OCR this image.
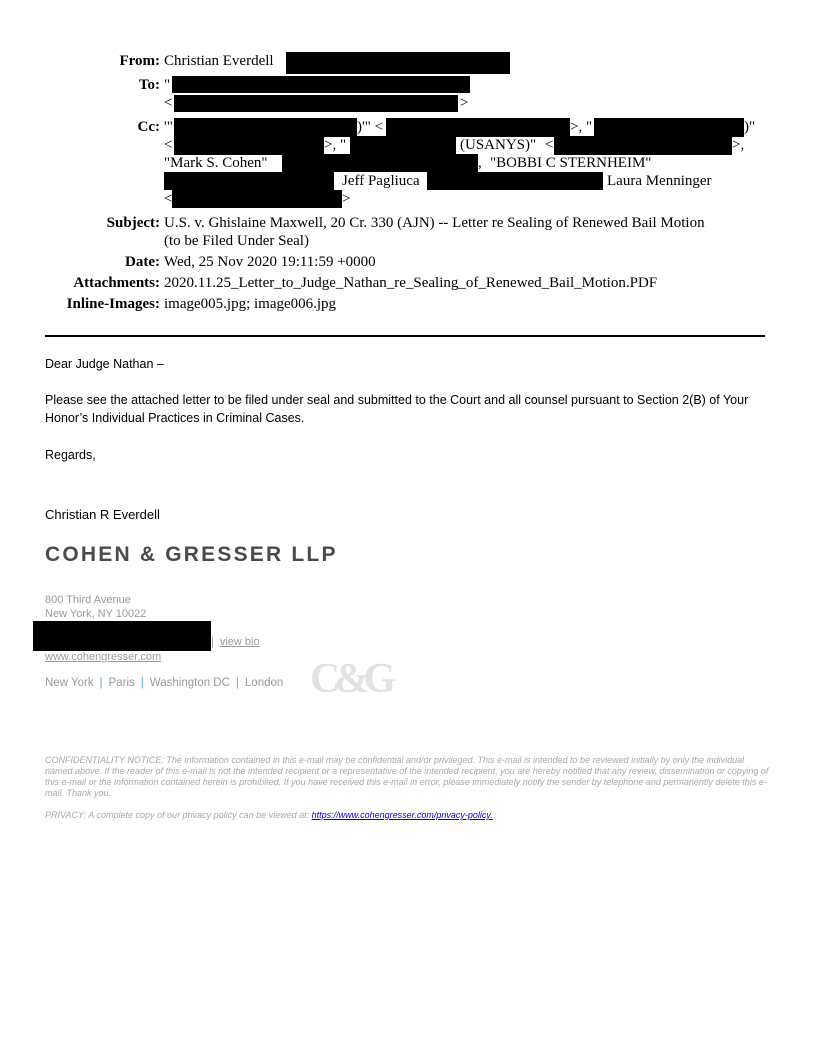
From: Christian Everdell
To: "
<	>
Cc: '"	)'" <	>, "	)"
<	>, "	(USANYS)" <	>,
"Mark S. Cohen"	, "BOBBI C STERNHEIM"
Jeff Pagliuca	Laura Menninger
<	>
Subject: U.S. v. Ghislaine Maxwell, 20 Cr. 330 (AJN) -- Letter re Sealing of Renewed Bail Motion
(to be Filed Under Seal)
Date: Wed, 25 Nov 2020 19:11:59 +0000
Attachments: 2020.11.25_Letter_to_Judge_Nathan_re_Sealing_of_Renewed_Bail_Motion.PDF
Inline-Images: image005.jpg; image006.jpg
Dear Judge Nathan –
Please see the attached letter to be filed under seal and submitted to the Court and all counsel pursuant to Section 2(B) of Your Honor’s Individual Practices in Criminal Cases.
Regards,
Christian R Everdell
COHEN & GRESSER LLP
800 Third Avenue
New York, NY 10022
| view bio
www.cohengresser.com
New York | Paris | Washington DC | London C&G
CONFIDENTIALITY NOTICE: The information contained in this e-mail may be confidential and/or privileged. This e-mail is intended to be reviewed initially by only the individual named above. If the reader of this e-mail is not the intended recipient or a representative of the intended recipient, you are hereby notified that any review, dissemination or copying of this e-mail or the information contained herein is prohibited. If you have received this e-mail in error, please immediately notify the sender by telephone and permanently delete this e-mail. Thank you.
PRIVACY: A complete copy of our privacy policy can be viewed at: https://www.cohengresser.com/privacy-policy.
